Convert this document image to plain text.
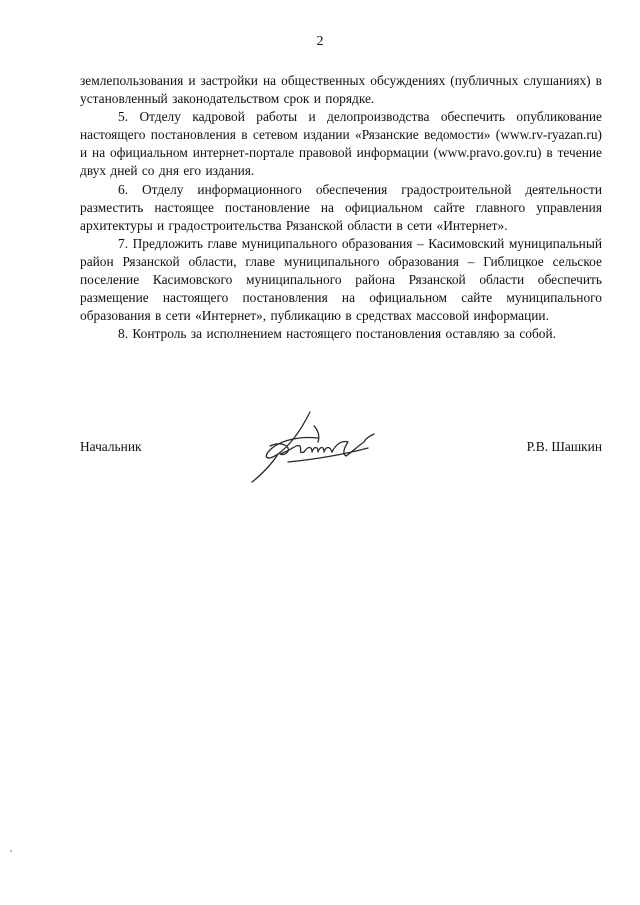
2

землепользования и застройки на общественных обсуждениях (публичных слушаниях) в установленный законодательством срок и порядке.

5. Отделу кадровой работы и делопроизводства обеспечить опубликование настоящего постановления в сетевом издании «Рязанские ведомости» (www.rv-ryazan.ru) и на официальном интернет-портале правовой информации (www.pravo.gov.ru) в течение двух дней со дня его издания.

6. Отделу информационного обеспечения градостроительной деятельности разместить настоящее постановление на официальном сайте главного управления архитектуры и градостроительства Рязанской области в сети «Интернет».

7. Предложить главе муниципального образования – Касимовский муниципальный район Рязанской области, главе муниципального образования – Гиблицкое сельское поселение Касимовского муниципального района Рязанской области обеспечить размещение настоящего постановления на официальном сайте муниципального образования в сети «Интернет», публикацию в средствах массовой информации.

8. Контроль за исполнением настоящего постановления оставляю за собой.

Начальник	Р.В. Шашкин
